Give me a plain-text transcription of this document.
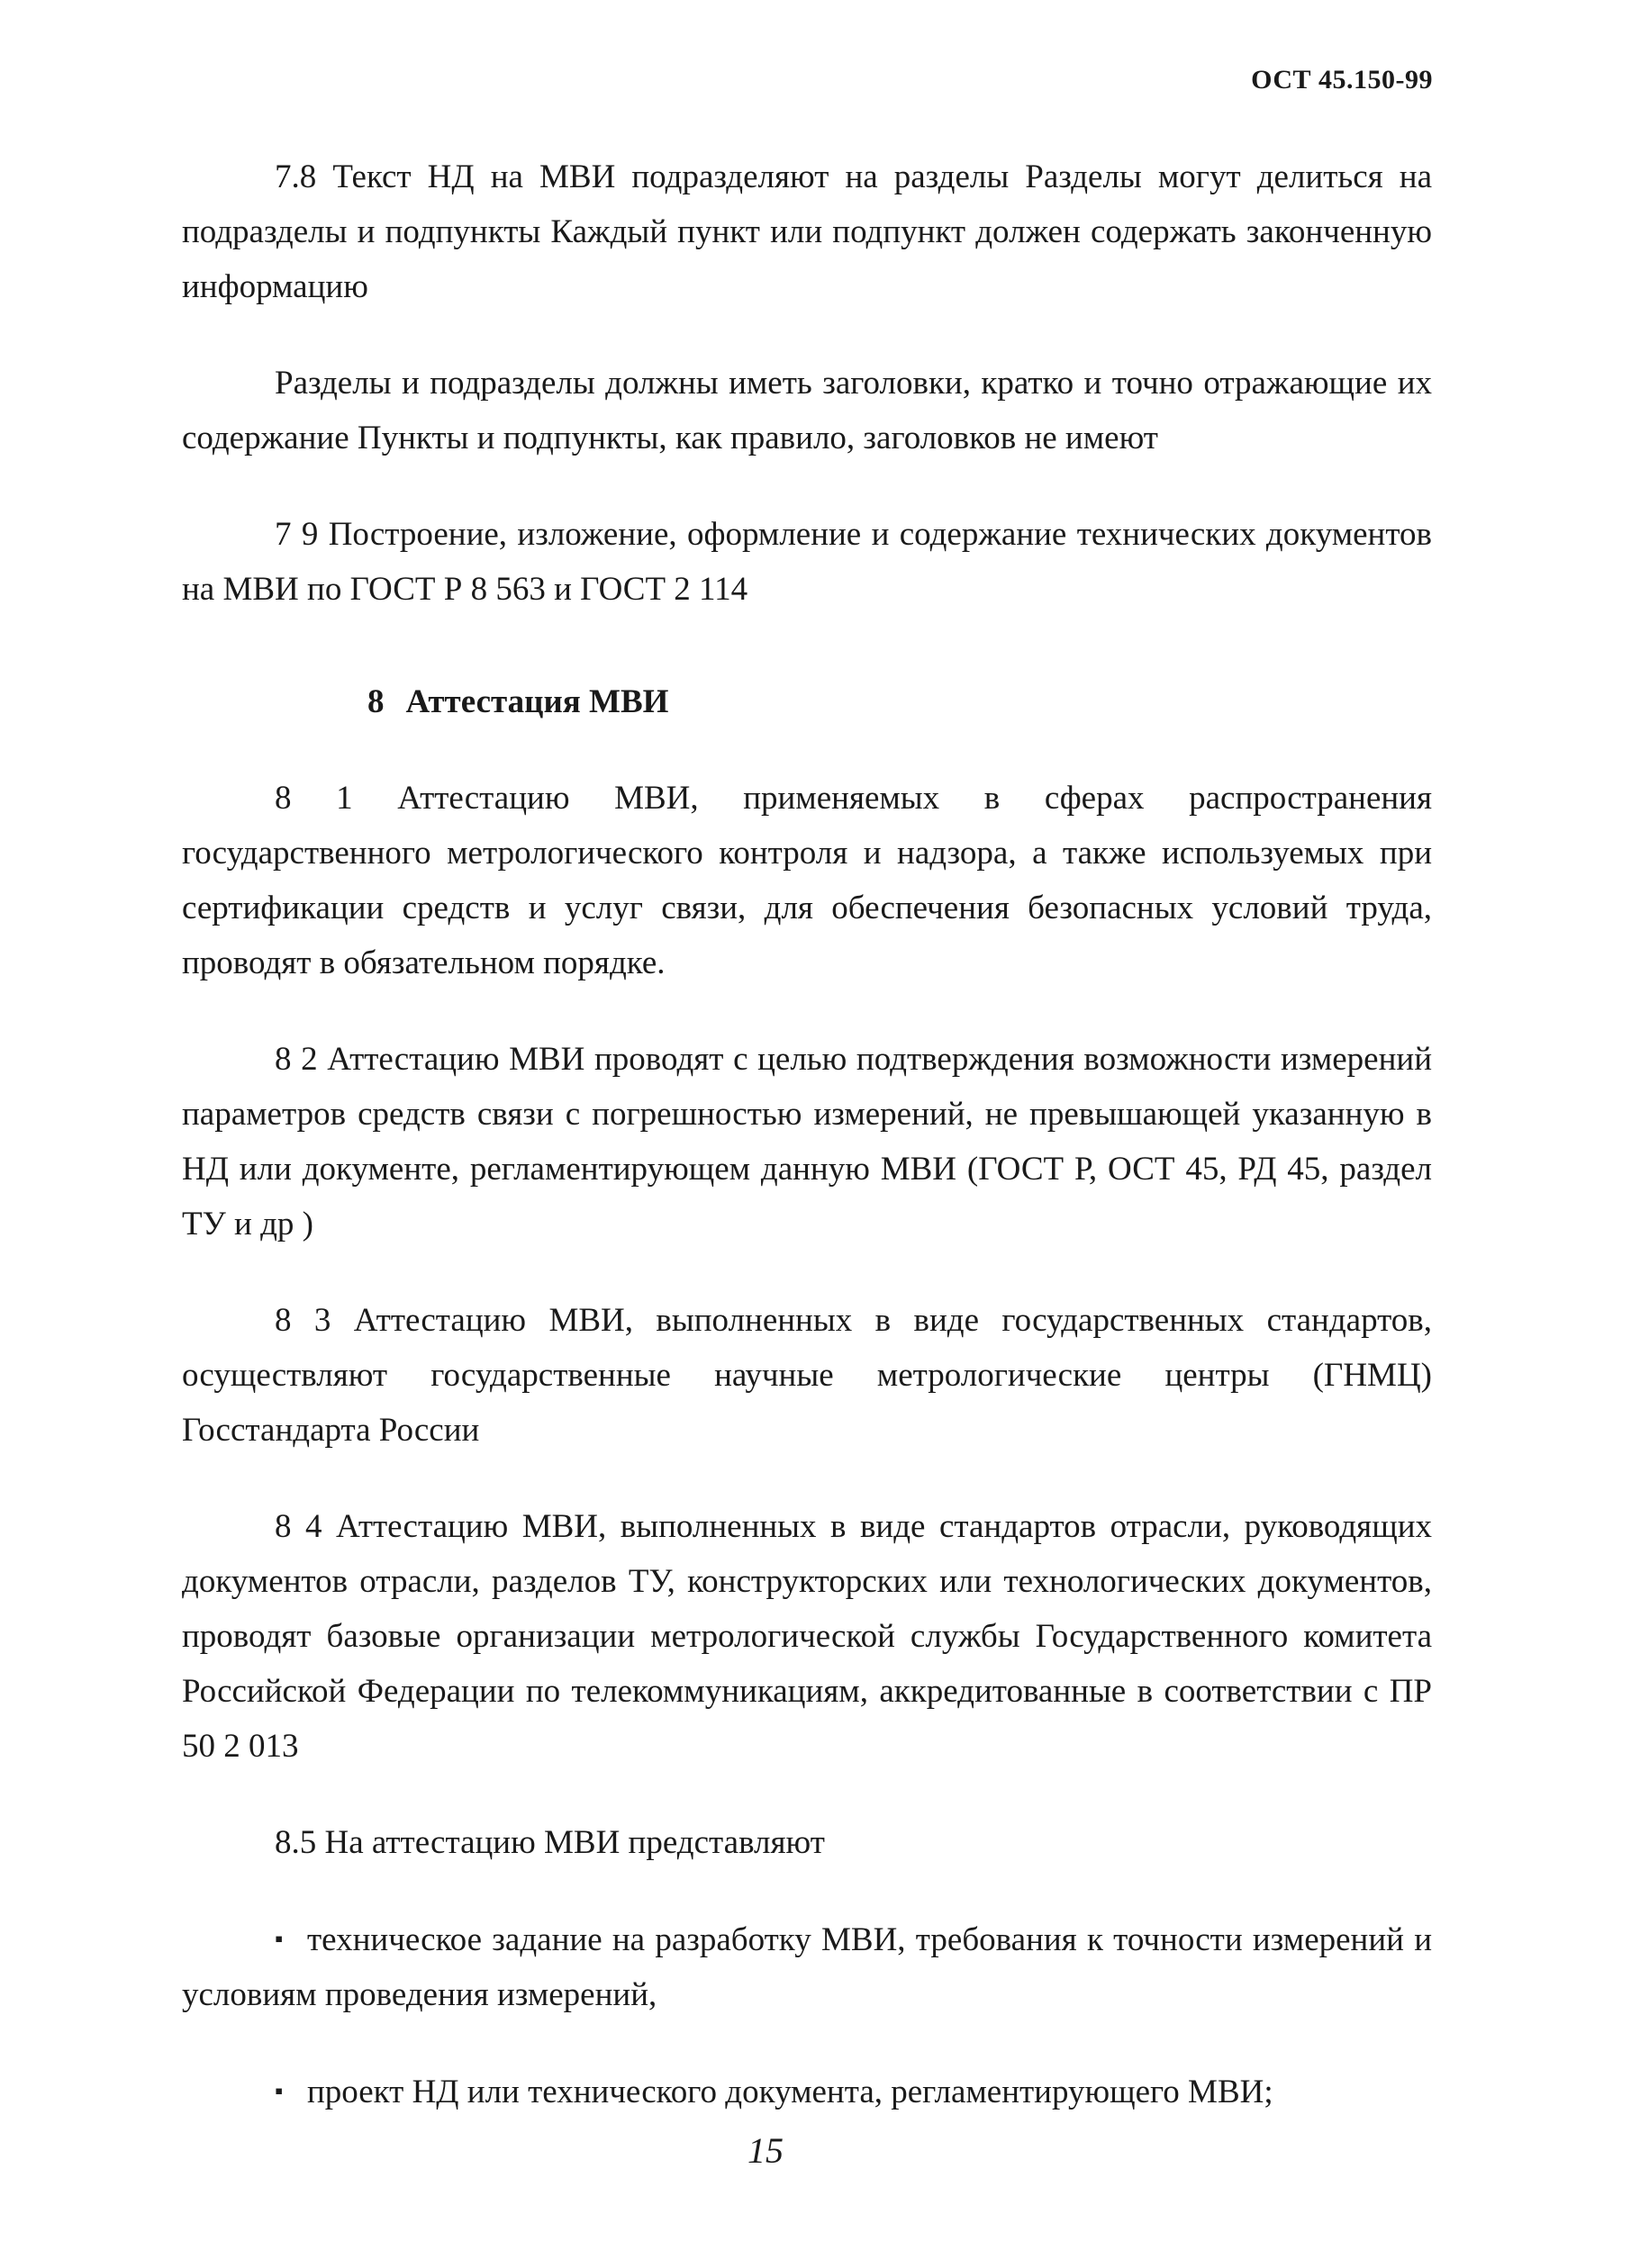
ОСТ 45.150-99

7.8 Текст НД на МВИ подразделяют на разделы Разделы могут делиться на подразделы и подпункты Каждый пункт или подпункт должен содержать законченную информацию

Разделы и подразделы должны иметь заголовки, кратко и точно отражающие их содержание Пункты и подпункты, как правило, заголовков не имеют

7 9 Построение, изложение, оформление и содержание технических документов на МВИ по ГОСТ Р 8 563 и ГОСТ 2 114

8 Аттестация МВИ

8 1 Аттестацию МВИ, применяемых в сферах распространения государственного метрологического контроля и надзора, а также используемых при сертификации средств и услуг связи, для обеспечения безопасных условий труда, проводят в обязательном порядке.

8 2 Аттестацию МВИ проводят с целью подтверждения возможности измерений параметров средств связи с погрешностью измерений, не превышающей указанную в НД или документе, регламентирующем данную МВИ (ГОСТ Р, ОСТ 45, РД 45, раздел ТУ и др )

8 3 Аттестацию МВИ, выполненных в виде государственных стандартов, осуществляют государственные научные метрологические центры (ГНМЦ) Госстандарта России

8 4 Аттестацию МВИ, выполненных в виде стандартов отрасли, руководящих документов отрасли, разделов ТУ, конструкторских или технологических документов, проводят базовые организации метрологической службы Государственного комитета Российской Федерации по телекоммуникациям, аккредитованные в соответствии с ПР 50 2 013

8.5 На аттестацию МВИ представляют

▪ техническое задание на разработку МВИ, требования к точности измерений и условиям проведения измерений,

▪ проект НД или технического документа, регламентирующего МВИ;

15
